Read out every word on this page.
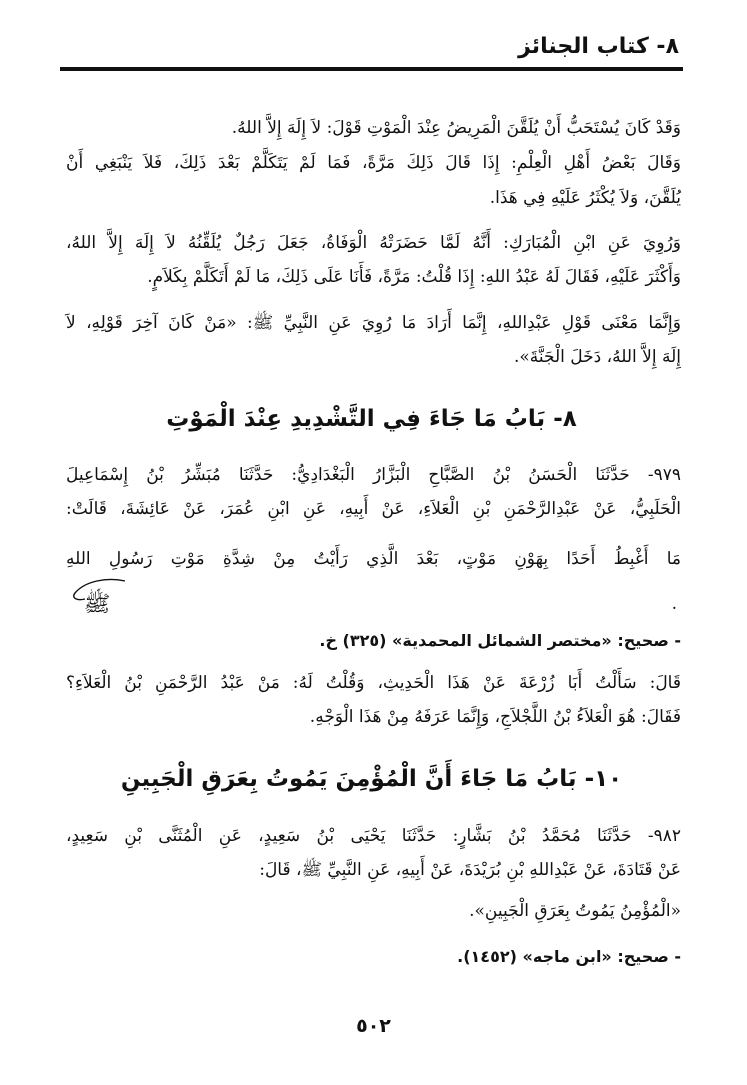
٨- كتاب الجنائز
وَقَدْ كَانَ يُسْتَحَبُّ أَنْ يُلَقَّنَ الْمَرِيضُ عِنْدَ الْمَوْتِ قَوْلَ: لاَ إِلَهَ إِلاَّ اللهُ.
وَقَالَ بَعْضُ أَهْلِ الْعِلْمِ: إِذَا قَالَ ذَلِكَ مَرَّةً، فَمَا لَمْ يَتَكَلَّمْ بَعْدَ ذَلِكَ، فَلاَ يَنْبَغِي أَنْ
يُلَقَّنَ، وَلاَ يُكْثَرُ عَلَيْهِ فِي هَذَا.
وَرُوِيَ عَنِ ابْنِ الْمُبَارَكِ: أَنَّهُ لَمَّا حَضَرَتْهُ الْوَفَاةُ، جَعَلَ رَجُلٌ يُلَقِّنُهُ لاَ إِلَهَ إِلاَّ اللهُ،
وَأَكْثَرَ عَلَيْهِ، فَقَالَ لَهُ عَبْدُ اللهِ: إِذَا قُلْتُ: مَرَّةً، فَأَنَا عَلَى ذَلِكَ، مَا لَمْ أَتَكَلَّمْ بِكَلاَمٍ.
وَإِنَّمَا مَعْنَى قَوْلِ عَبْدِاللهِ، إِنَّمَا أَرَادَ مَا رُوِيَ عَنِ النَّبِيِّ ﷺ: «مَنْ كَانَ آخِرَ قَوْلِهِ، لاَ
إِلَهَ إِلاَّ اللهُ، دَخَلَ الْجَنَّةَ».
٨- بَابُ مَا جَاءَ فِي التَّشْدِيدِ عِنْدَ الْمَوْتِ
٩٧٩- حَدَّثَنَا الْحَسَنُ بْنُ الصَّبَّاحِ الْبَزَّارُ الْبَغْدَادِيُّ: حَدَّثَنَا مُبَشِّرُ بْنُ إِسْمَاعِيلَ
الْحَلَبِيُّ، عَنْ عَبْدِالرَّحْمَنِ بْنِ الْعَلاَءِ، عَنْ أَبِيهِ، عَنِ ابْنِ عُمَرَ، عَنْ عَائِشَةَ، قَالَتْ:
مَا أَغْبِطُ أَحَدًا بِهَوْنِ مَوْتٍ، بَعْدَ الَّذِي رَأَيْتُ مِنْ شِدَّةِ مَوْتِ رَسُولِ اللهِ
ﷺ	.
- صحيح: «مختصر الشمائل المحمدية» (٣٢٥) خ.
قَالَ: سَأَلْتُ أَبَا زُرْعَةَ عَنْ هَذَا الْحَدِيثِ، وَقُلْتُ لَهُ: مَنْ عَبْدُ الرَّحْمَنِ بْنُ الْعَلاَءِ؟
فَقَالَ: هُوَ الْعَلاَءُ بْنُ اللَّجْلاَجِ، وَإِنَّمَا عَرَفَهُ مِنْ هَذَا الْوَجْهِ.
١٠- بَابُ مَا جَاءَ أَنَّ الْمُؤْمِنَ يَمُوتُ بِعَرَقِ الْجَبِينِ
٩٨٢- حَدَّثَنَا مُحَمَّدُ بْنُ بَشَّارٍ: حَدَّثَنَا يَحْيَى بْنُ سَعِيدٍ، عَنِ الْمُثَنَّى بْنِ سَعِيدٍ،
عَنْ قَتَادَةَ، عَنْ عَبْدِاللهِ بْنِ بُرَيْدَةَ، عَنْ أَبِيهِ، عَنِ النَّبِيِّ ﷺ، قَالَ:
«الْمُؤْمِنُ يَمُوتُ بِعَرَقِ الْجَبِينِ».
- صحيح: «ابن ماجه» (١٤٥٢).
٥٠٢
